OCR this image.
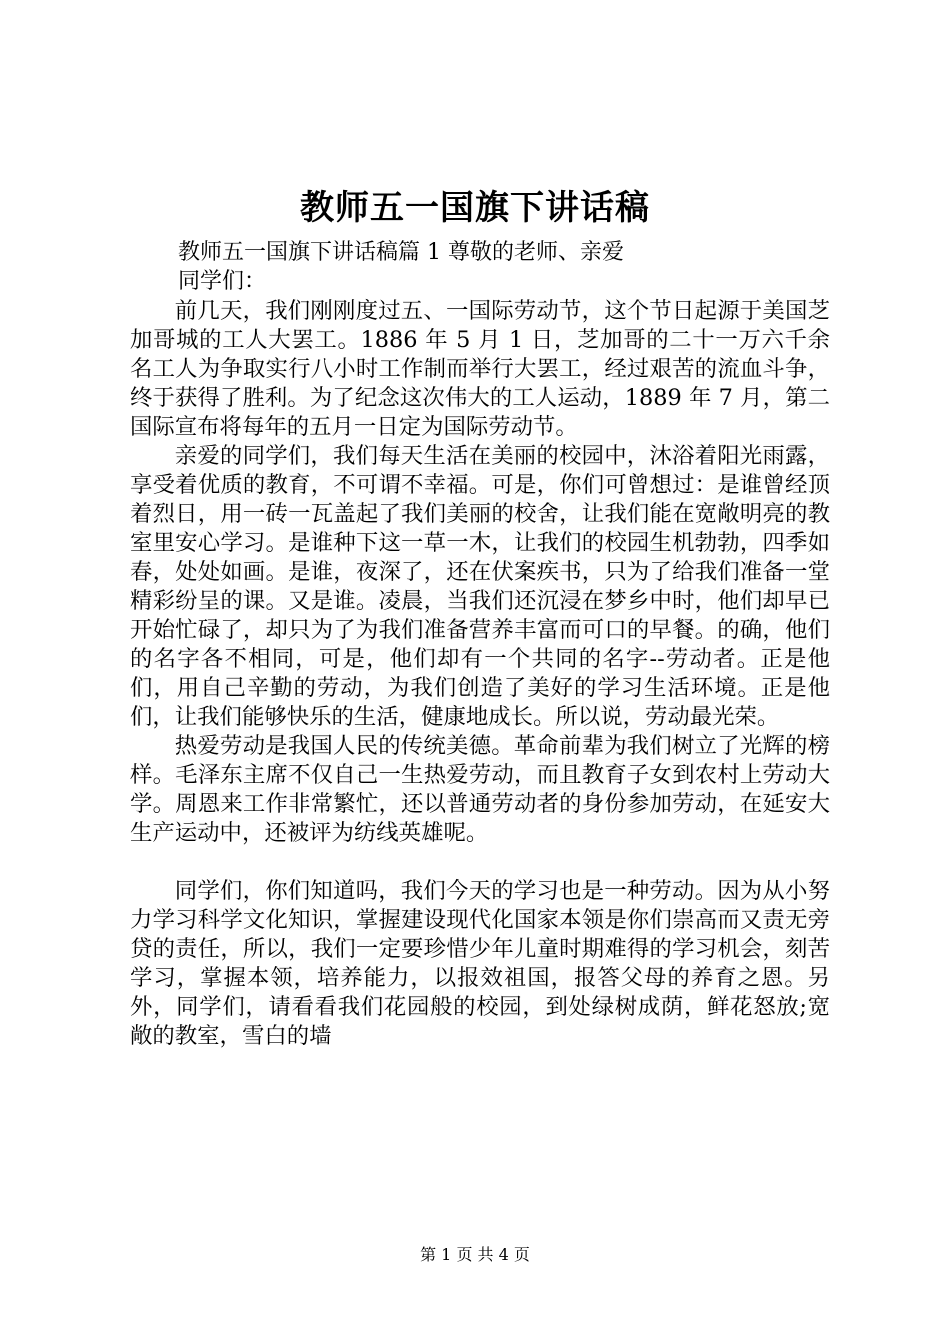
教师五一国旗下讲话稿
教师五一国旗下讲话稿篇 1 尊敬的老师、亲爱
同学们：

前几天，我们刚刚度过五、一国际劳动节，这个节日起源于美国芝加哥城的工人大罢工。1886 年 5 月 1 日，芝加哥的二十一万六千余名工人为争取实行八小时工作制而举行大罢工，经过艰苦的流血斗争，终于获得了胜利。为了纪念这次伟大的工人运动，1889 年 7 月，第二国际宣布将每年的五月一日定为国际劳动节。

亲爱的同学们，我们每天生活在美丽的校园中，沐浴着阳光雨露，享受着优质的教育，不可谓不幸福。可是，你们可曾想过：是谁曾经顶着烈日，用一砖一瓦盖起了我们美丽的校舍，让我们能在宽敞明亮的教室里安心学习。是谁种下这一草一木，让我们的校园生机勃勃，四季如春，处处如画。是谁，夜深了，还在伏案疾书，只为了给我们准备一堂精彩纷呈的课。又是谁。凌晨，当我们还沉浸在梦乡中时，他们却早已开始忙碌了，却只为了为我们准备营养丰富而可口的早餐。的确，他们的名字各不相同，可是，他们却有一个共同的名字--劳动者。正是他们，用自己辛勤的劳动，为我们创造了美好的学习生活环境。正是他们，让我们能够快乐的生活，健康地成长。所以说，劳动最光荣。

热爱劳动是我国人民的传统美德。革命前辈为我们树立了光辉的榜样。毛泽东主席不仅自己一生热爱劳动，而且教育子女到农村上劳动大学。周恩来工作非常繁忙，还以普通劳动者的身份参加劳动，在延安大生产运动中，还被评为纺线英雄呢。

同学们，你们知道吗，我们今天的学习也是一种劳动。因为从小努力学习科学文化知识，掌握建设现代化国家本领是你们崇高而又责无旁贷的责任，所以，我们一定要珍惜少年儿童时期难得的学习机会，刻苦学习，掌握本领，培养能力，以报效祖国，报答父母的养育之恩。另外，同学们，请看看我们花园般的校园，到处绿树成荫，鲜花怒放;宽敞的教室，雪白的墙

第 1 页 共 4 页
